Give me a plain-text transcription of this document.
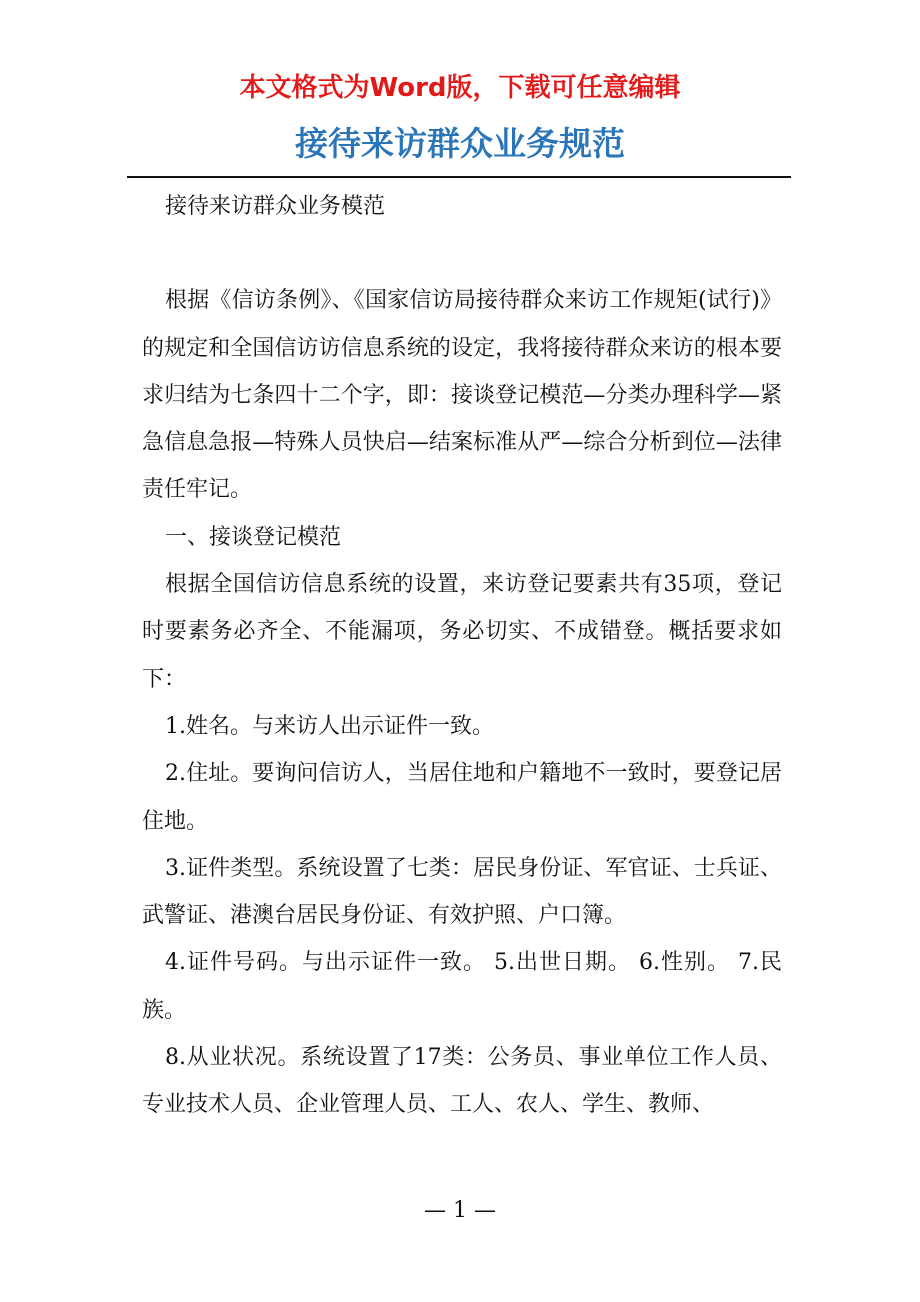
本文格式为Word版，下载可任意编辑
接待来访群众业务规范

接待来访群众业务模范

根据《信访条例》、《国家信访局接待群众来访工作规矩(试行)》的规定和全国信访访信息系统的设定，我将接待群众来访的根本要求归结为七条四十二个字，即：接谈登记模范—分类办理科学—紧急信息急报—特殊人员快启—结案标准从严—综合分析到位—法律责任牢记。

一、接谈登记模范

根据全国信访信息系统的设置，来访登记要素共有35项，登记时要素务必齐全、不能漏项，务必切实、不成错登。概括要求如下：

1.姓名。与来访人出示证件一致。

2.住址。要询问信访人，当居住地和户籍地不一致时，要登记居住地。

3.证件类型。系统设置了七类：居民身份证、军官证、士兵证、武警证、港澳台居民身份证、有效护照、户口簿。

4.证件号码。与出示证件一致。 5.出世日期。 6.性别。 7.民族。

8.从业状况。系统设置了17类：公务员、事业单位工作人员、专业技术人员、企业管理人员、工人、农人、学生、教师、

— 1 —
